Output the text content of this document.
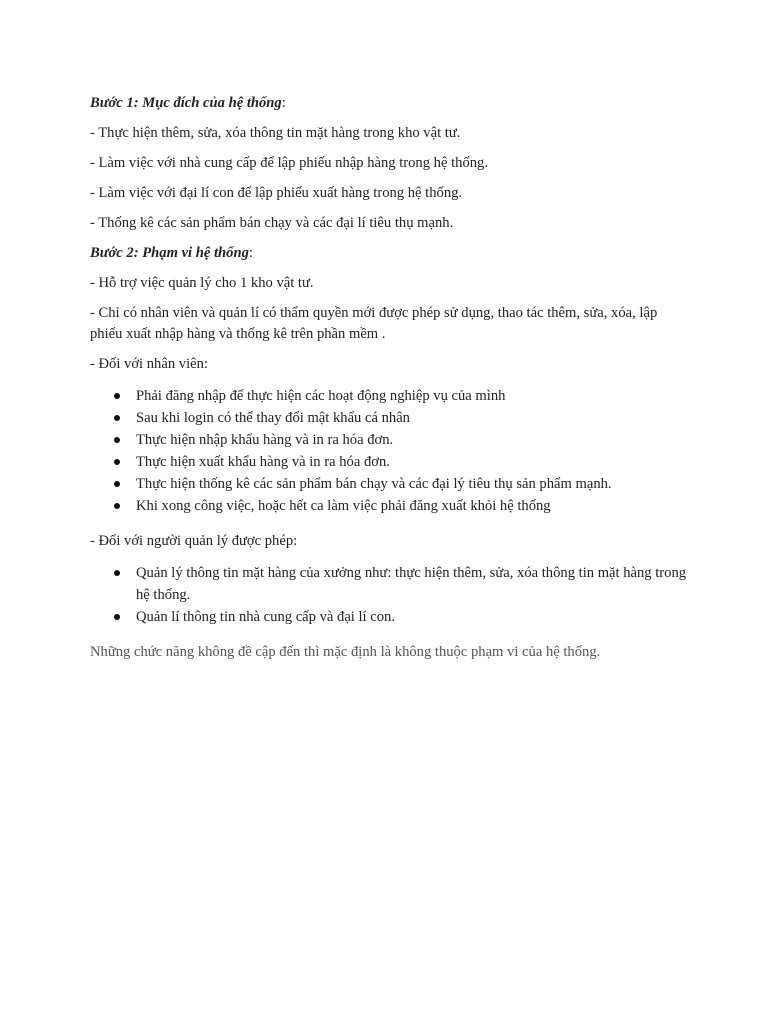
Bước 1: Mục đích của hệ thống:

- Thực hiện thêm, sửa, xóa thông tin mặt hàng trong kho vật tư.

- Làm việc với nhà cung cấp để lập phiếu nhập hàng trong hệ thống.

- Làm việc với đại lí con để lập phiếu xuất hàng trong hệ thống.

- Thống kê các sản phẩm bán chạy và các đại lí tiêu thụ mạnh.

Bước 2: Phạm vi hệ thống:

- Hỗ trợ việc quản lý cho 1 kho vật tư.

- Chỉ có nhân viên và quản lí có thẩm quyền mới được phép sử dụng, thao tác thêm, sửa, xóa, lập phiếu xuất nhập hàng và thống kê trên phần mềm .

- Đối với nhân viên:

Phải đăng nhập để thực hiện các hoạt động nghiệp vụ của mình
Sau khi login có thể thay đổi mật khẩu cá nhân
Thực hiện nhập khẩu hàng và in ra hóa đơn.
Thực hiện xuất khẩu hàng và in ra hóa đơn.
Thực hiện thống kê các sản phẩm bán chạy và các đại lý tiêu thụ sản phẩm mạnh.
Khi xong công việc, hoặc hết ca làm việc phải đăng xuất khỏi hệ thống

- Đối với người quản lý được phép:

Quản lý thông tin mặt hàng của xưởng như: thực hiện thêm, sửa, xóa thông tin mặt hàng trong hệ thống.
Quản lí thông tin nhà cung cấp và đại lí con.

Những chức năng không đề cập đến thì mặc định là không thuộc phạm vi của hệ thống.
